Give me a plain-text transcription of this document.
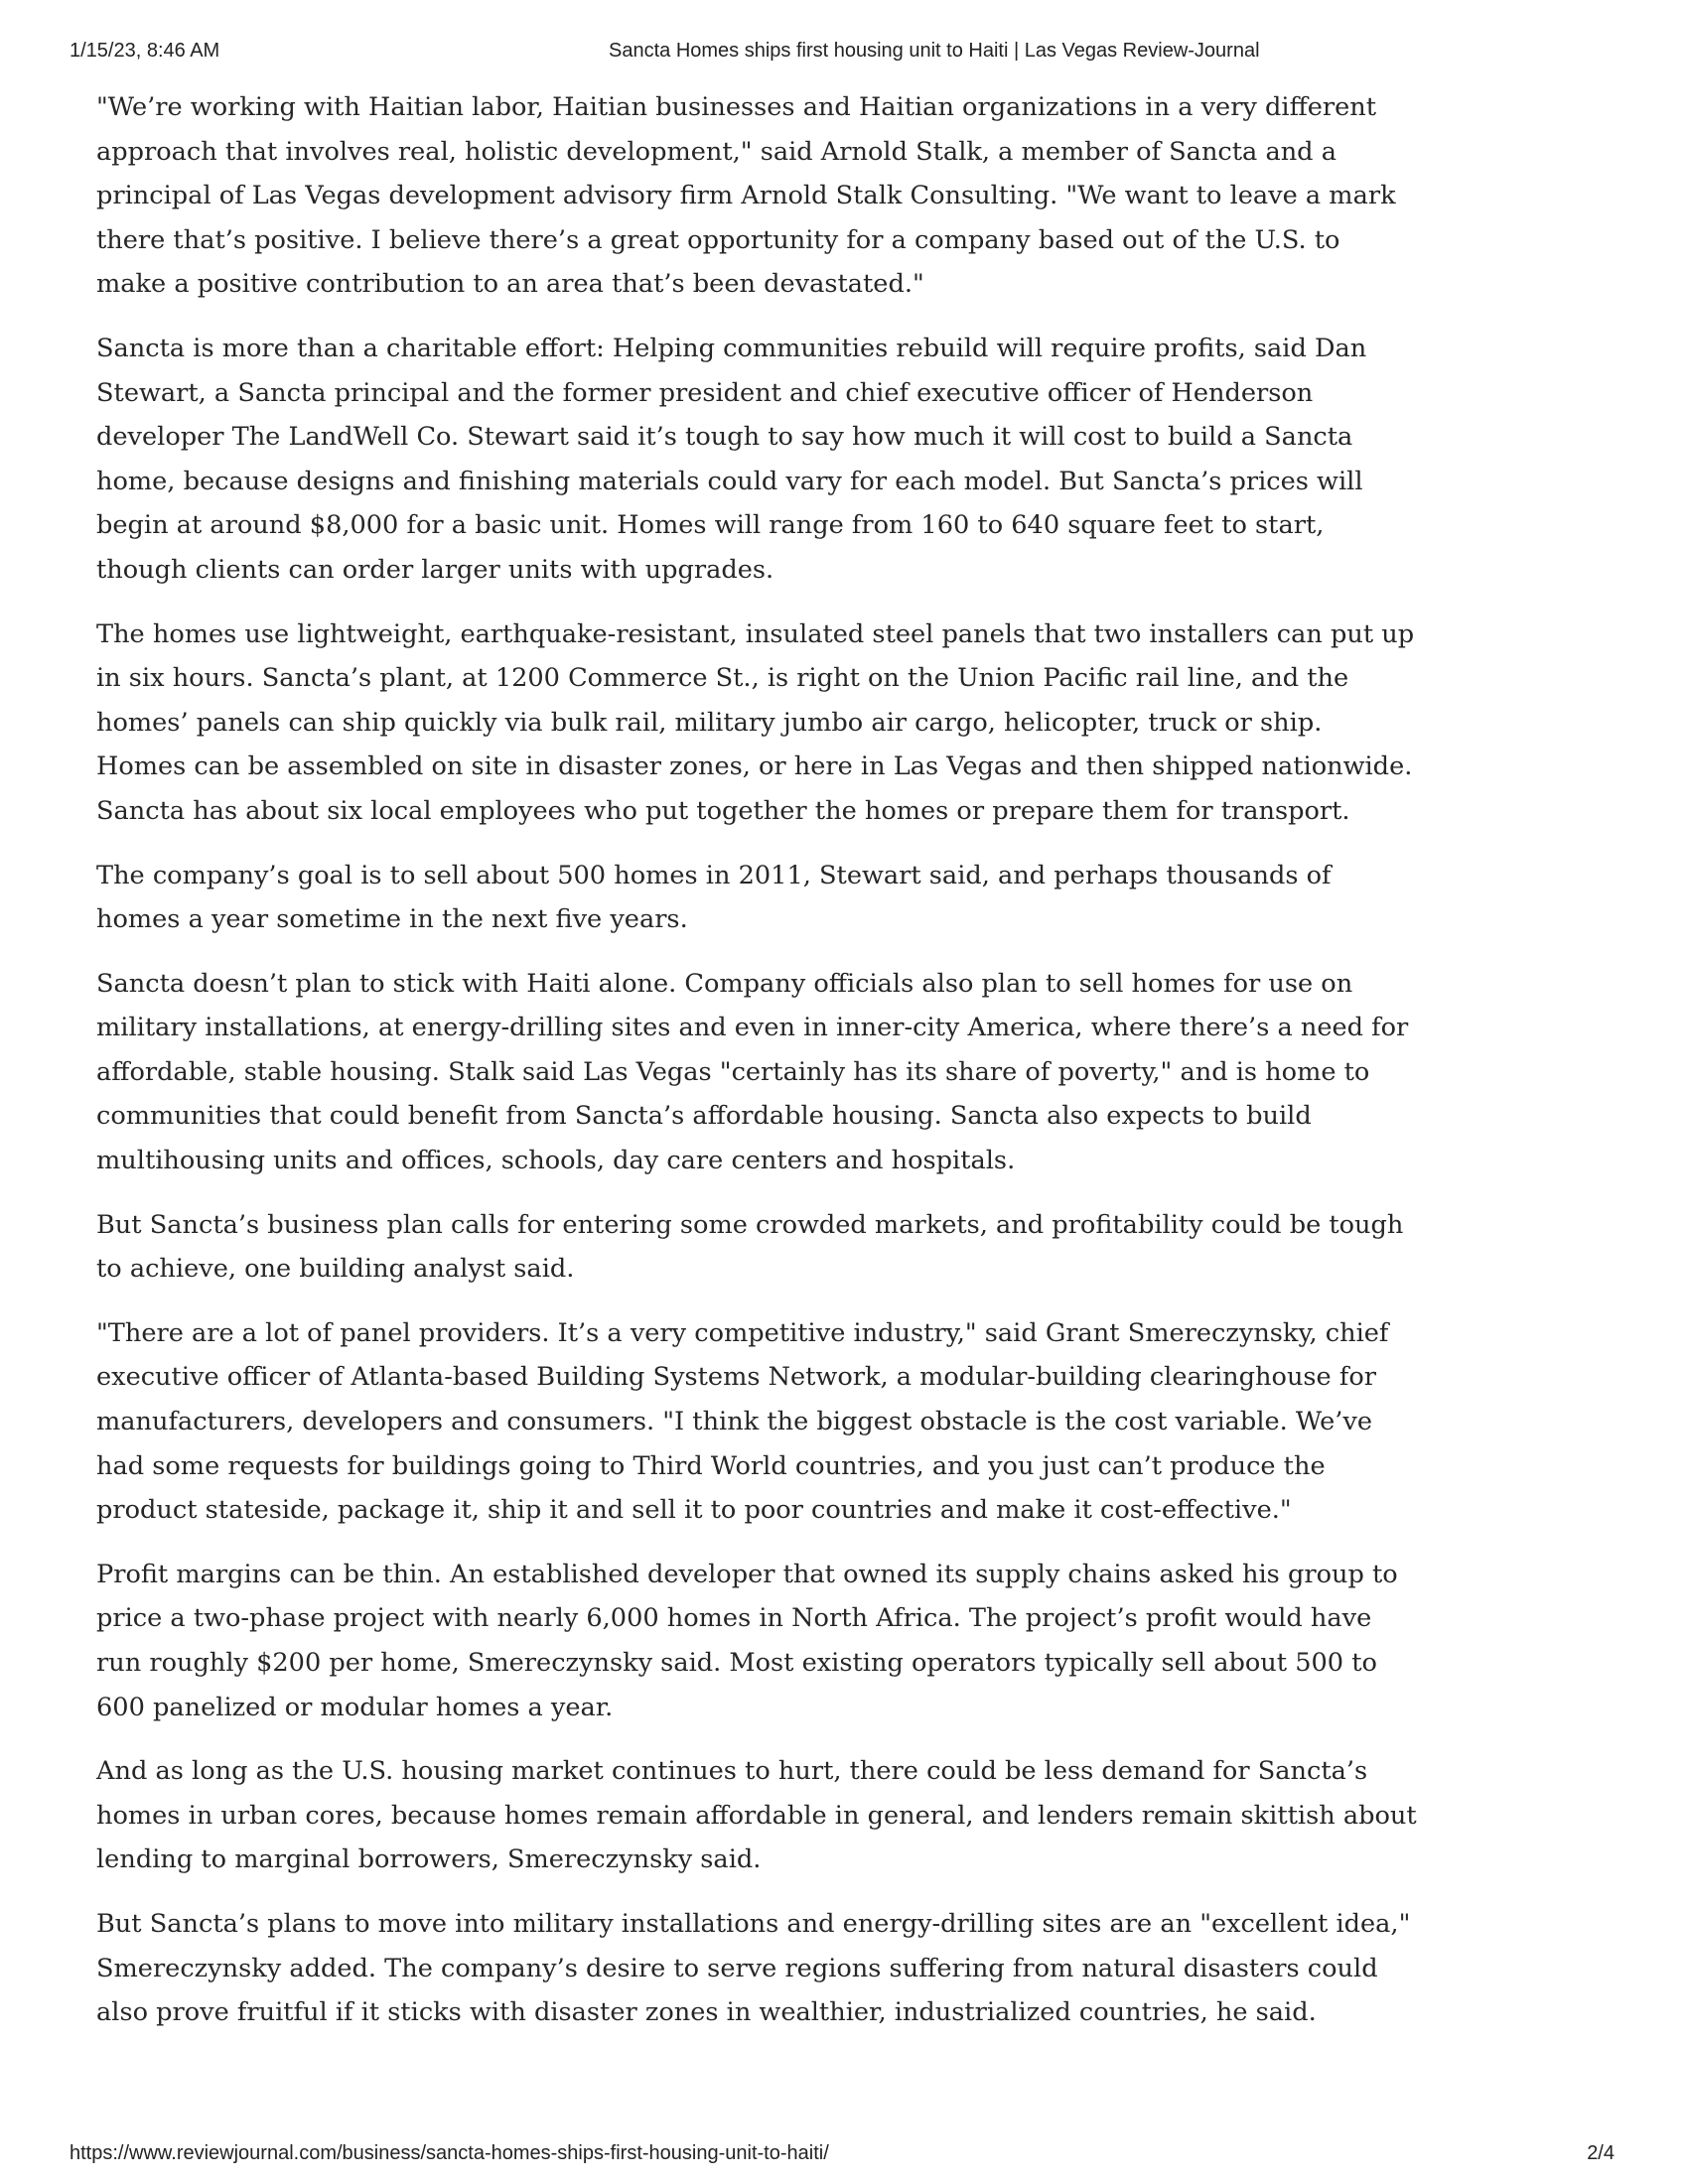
1/15/23, 8:46 AM	Sancta Homes ships first housing unit to Haiti | Las Vegas Review-Journal

"We’re working with Haitian labor, Haitian businesses and Haitian organizations in a very different approach that involves real, holistic development," said Arnold Stalk, a member of Sancta and a principal of Las Vegas development advisory firm Arnold Stalk Consulting. "We want to leave a mark there that’s positive. I believe there’s a great opportunity for a company based out of the U.S. to make a positive contribution to an area that’s been devastated."

Sancta is more than a charitable effort: Helping communities rebuild will require profits, said Dan Stewart, a Sancta principal and the former president and chief executive officer of Henderson developer The LandWell Co. Stewart said it’s tough to say how much it will cost to build a Sancta home, because designs and finishing materials could vary for each model. But Sancta’s prices will begin at around $8,000 for a basic unit. Homes will range from 160 to 640 square feet to start, though clients can order larger units with upgrades.

The homes use lightweight, earthquake-resistant, insulated steel panels that two installers can put up in six hours. Sancta’s plant, at 1200 Commerce St., is right on the Union Pacific rail line, and the homes’ panels can ship quickly via bulk rail, military jumbo air cargo, helicopter, truck or ship. Homes can be assembled on site in disaster zones, or here in Las Vegas and then shipped nationwide. Sancta has about six local employees who put together the homes or prepare them for transport.

The company’s goal is to sell about 500 homes in 2011, Stewart said, and perhaps thousands of homes a year sometime in the next five years.

Sancta doesn’t plan to stick with Haiti alone. Company officials also plan to sell homes for use on military installations, at energy-drilling sites and even in inner-city America, where there’s a need for affordable, stable housing. Stalk said Las Vegas "certainly has its share of poverty," and is home to communities that could benefit from Sancta’s affordable housing. Sancta also expects to build multihousing units and offices, schools, day care centers and hospitals.

But Sancta’s business plan calls for entering some crowded markets, and profitability could be tough to achieve, one building analyst said.

"There are a lot of panel providers. It’s a very competitive industry," said Grant Smereczynsky, chief executive officer of Atlanta-based Building Systems Network, a modular-building clearinghouse for manufacturers, developers and consumers. "I think the biggest obstacle is the cost variable. We’ve had some requests for buildings going to Third World countries, and you just can’t produce the product stateside, package it, ship it and sell it to poor countries and make it cost-effective."

Profit margins can be thin. An established developer that owned its supply chains asked his group to price a two-phase project with nearly 6,000 homes in North Africa. The project’s profit would have run roughly $200 per home, Smereczynsky said. Most existing operators typically sell about 500 to 600 panelized or modular homes a year.

And as long as the U.S. housing market continues to hurt, there could be less demand for Sancta’s homes in urban cores, because homes remain affordable in general, and lenders remain skittish about lending to marginal borrowers, Smereczynsky said.

But Sancta’s plans to move into military installations and energy-drilling sites are an "excellent idea," Smereczynsky added. The company’s desire to serve regions suffering from natural disasters could also prove fruitful if it sticks with disaster zones in wealthier, industrialized countries, he said.

https://www.reviewjournal.com/business/sancta-homes-ships-first-housing-unit-to-haiti/	2/4
